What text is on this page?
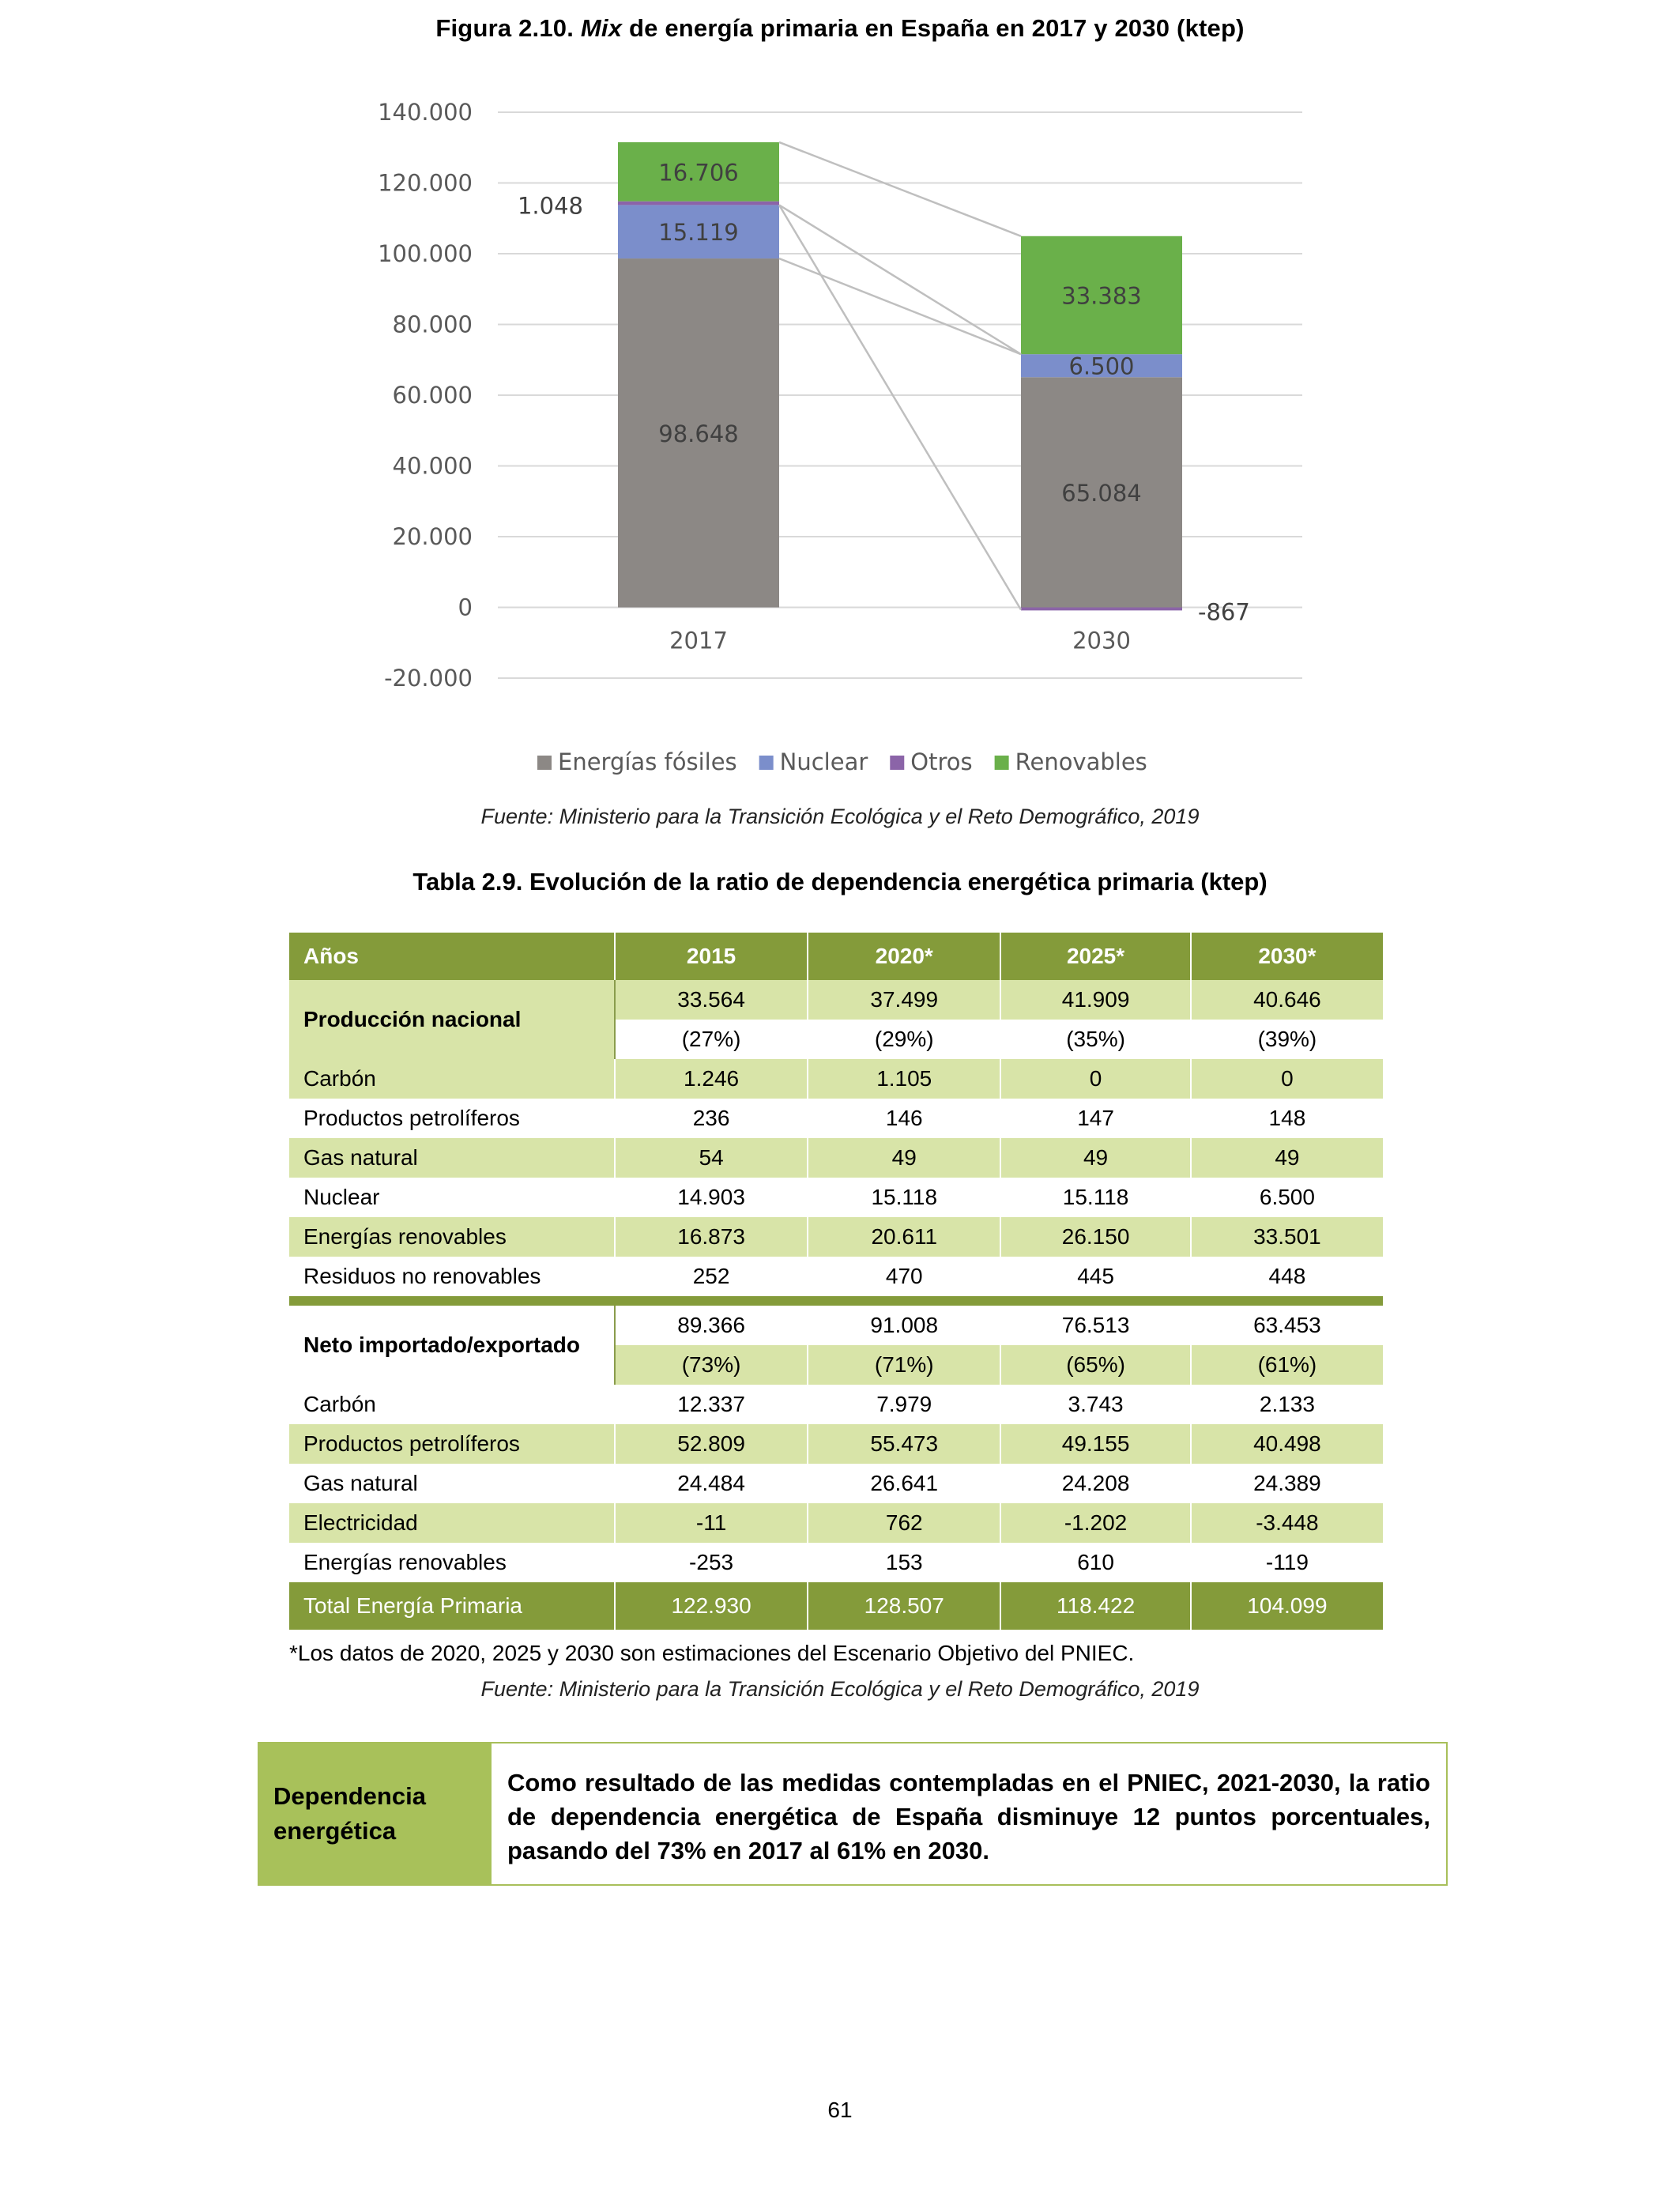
Figura 2.10. Mix de energía primaria en España en 2017 y 2030 (ktep)
-20.000
0
20.000
40.000
60.000
80.000
100.000
120.000
140.000
2017	2030
98.648
15.119
1.048
16.706
65.084
6.500
-867
33.383
Energías fósiles Nuclear Otros Renovables
Fuente: Ministerio para la Transición Ecológica y el Reto Demográfico, 2019
Tabla 2.9. Evolución de la ratio de dependencia energética primaria (ktep)
Años	2015	2020*	2025*	2030*
Producción nacional	33.564	37.499	41.909	40.646
	(27%)	(29%)	(35%)	(39%)
Carbón	1.246	1.105	0	0
Productos petrolíferos	236	146	147	148
Gas natural	54	49	49	49
Nuclear	14.903	15.118	15.118	6.500
Energías renovables	16.873	20.611	26.150	33.501
Residuos no renovables	252	470	445	448

Neto importado/exportado	89.366	91.008	76.513	63.453
	(73%)	(71%)	(65%)	(61%)
Carbón	12.337	7.979	3.743	2.133
Productos petrolíferos	52.809	55.473	49.155	40.498
Gas natural	24.484	26.641	24.208	24.389
Electricidad	-11	762	-1.202	-3.448
Energías renovables	-253	153	610	-119
Total Energía Primaria	122.930	128.507	118.422	104.099
*Los datos de 2020, 2025 y 2030 son estimaciones del Escenario Objetivo del PNIEC.
Fuente: Ministerio para la Transición Ecológica y el Reto Demográfico, 2019
Dependencia energética
Como resultado de las medidas contempladas en el PNIEC, 2021-2030, la ratio de dependencia energética de España disminuye 12 puntos porcentuales, pasando del 73% en 2017 al 61% en 2030.
61
